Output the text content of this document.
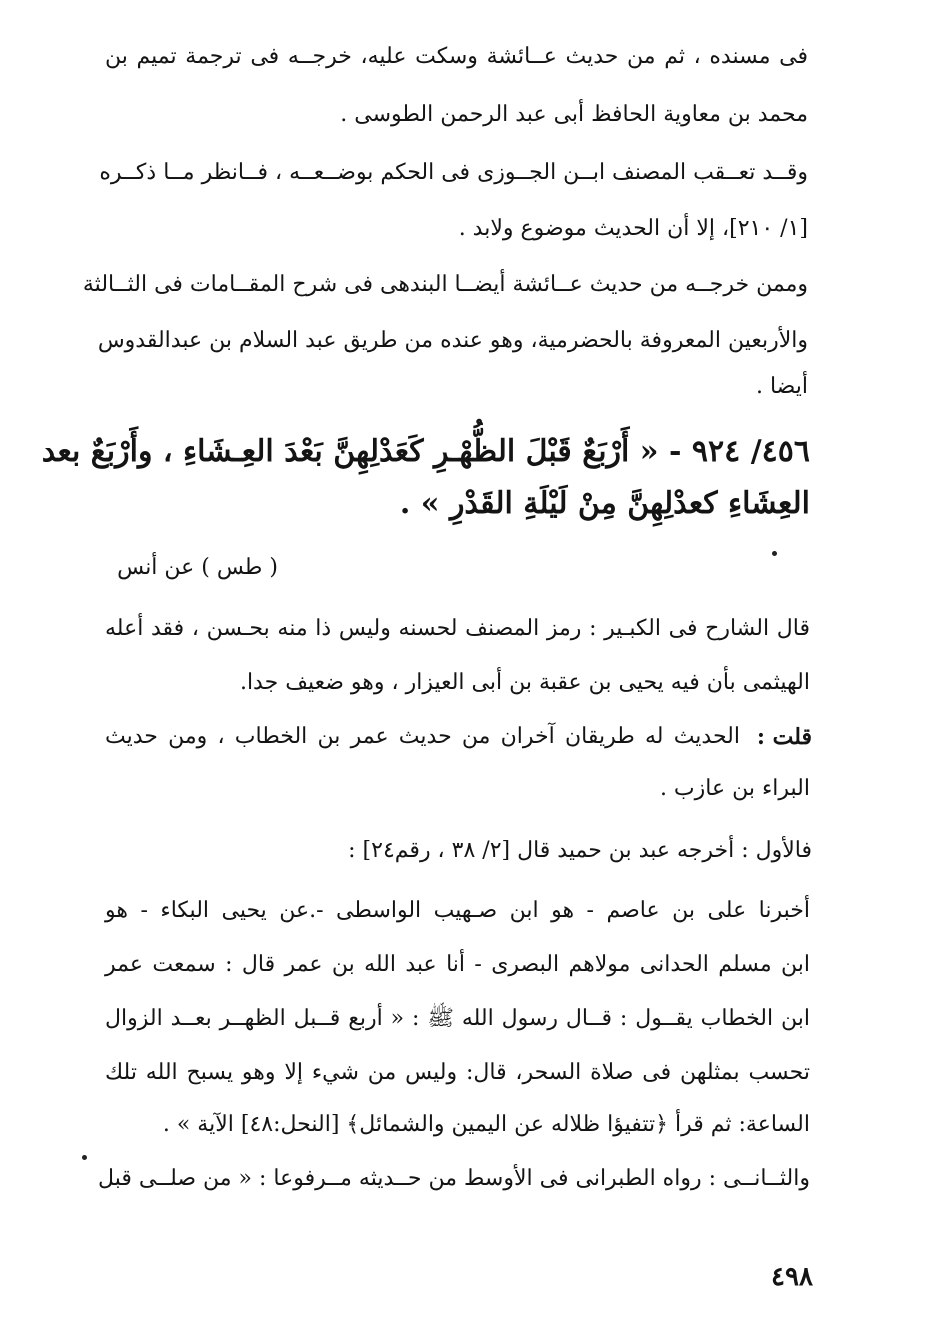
فى مسنده ، ثم من حديث عــائشة وسكت عليه، خرجــه فى ترجمة تميم بن
محمد بن معاوية الحافظ أبى عبد الرحمن الطوسى .
وقــد تعــقب المصنف ابــن الجــوزى فى الحكم بوضــعــه ، فــانظر مــا ذكــره
[١/ ٢١٠]، إلا أن الحديث موضوع ولابد .
وممن خرجــه من حديث عــائشة أيضــا البندهى فى شرح المقــامات فى الثــالثة
والأربعين المعروفة بالحضرمية، وهو عنده من طريق عبد السلام بن عبدالقدوس
أيضا .
٤٥٦/ ٩٢٤ - « أَرْبَعٌ قَبْلَ الظُّهْـرِ كَعَدْلِهِنَّ بَعْدَ العِـشَاءِ ، وأَرْبَعٌ بعد
العِشَاءِ كعدْلِهِنَّ مِنْ لَيْلَةِ القَدْرِ » .
( طس ) عن أنس
قال الشارح فى الكبـير : رمز المصنف لحسنه وليس ذا منه بحـسن ، فقد أعله
الهيثمى بأن فيه يحيى بن عقبة بن أبى العيزار ، وهو ضعيف جدا.
قلت :
الحديث له طريقان آخران من حديث عمر بن الخطاب ، ومن حديث
البراء بن عازب .
فالأول : أخرجه عبد بن حميد قال [٢/ ٣٨ ، رقم٢٤] :
أخبرنا على بن عاصم - هو ابن صـهيب الواسطى -.عن يحيى البكاء - هو
ابن مسلم الحدانى مولاهم البصرى - أنا عبد الله بن عمر قال : سمعت عمر
ابن الخطاب يقــول : قــال رسول الله ﷺ : « أربع قــبل الظهــر بعــد الزوال
تحسب بمثلهن فى صلاة السحر، قال: وليس من شيء إلا وهو يسبح الله تلك
الساعة: ثم قرأ ﴿تتفيؤا ظلاله عن اليمين والشمائل﴾ [النحل:٤٨] الآية » .
والثــانــى : رواه الطبرانى فى الأوسط من حــديثه مــرفوعا : « من صلــى قبل
٤٩٨
